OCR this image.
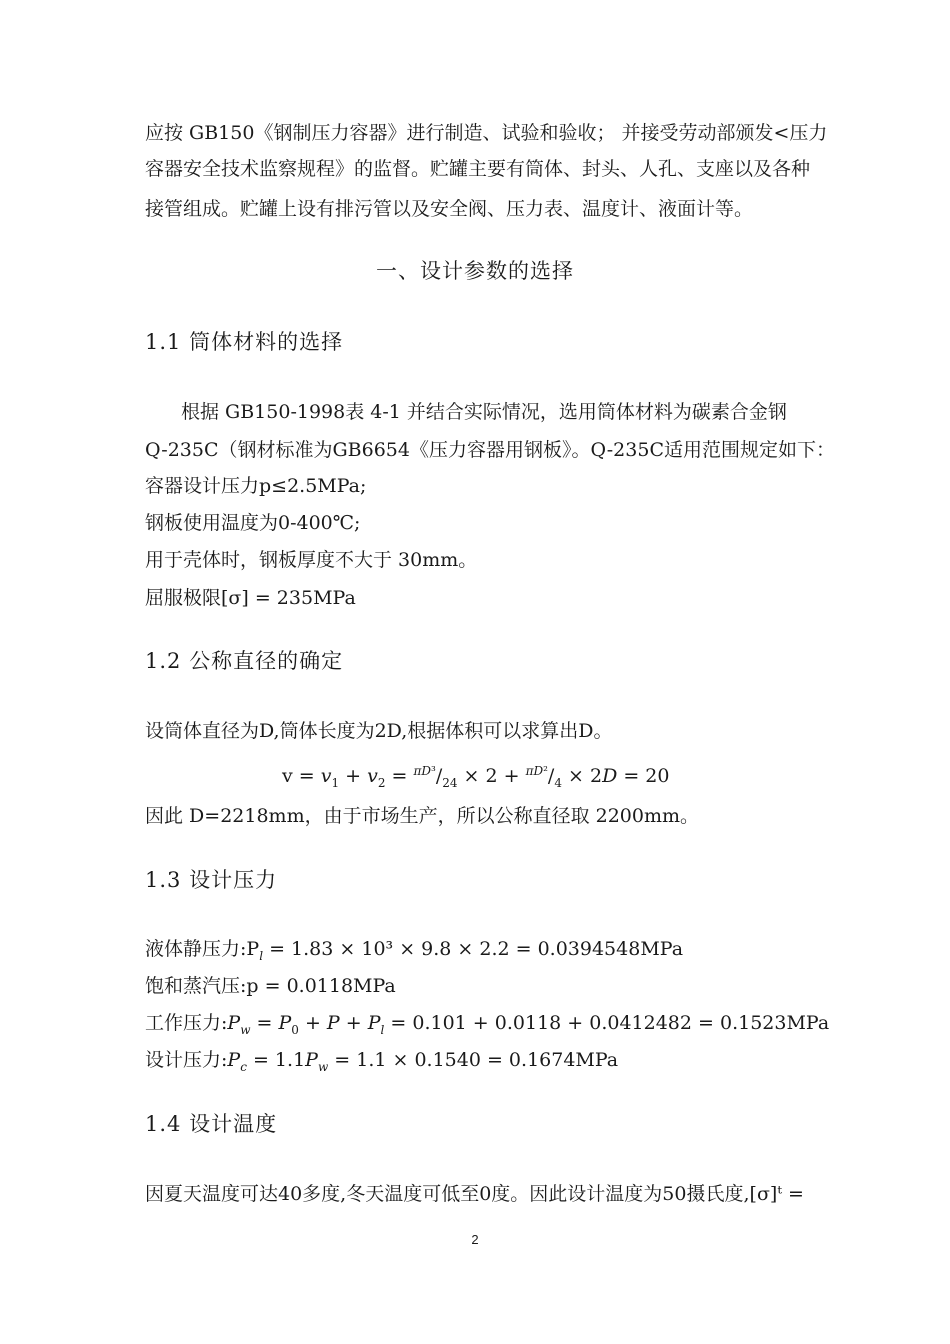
应按 GB150《钢制压力容器》进行制造、试验和验收； 并接受劳动部颁发<压力
容器安全技术监察规程》的监督。贮罐主要有筒体、封头、人孔、支座以及各种
接管组成。贮罐上设有排污管以及安全阀、压力表、温度计、液面计等。
一、设计参数的选择
1.1 筒体材料的选择
根据 GB150-1998表 4-1 并结合实际情况，选用筒体材料为碳素合金钢
Q-235C（钢材标准为GB6654《压力容器用钢板》。Q-235C适用范围规定如下：
容器设计压力p≤2.5MPa;
钢板使用温度为0-400℃;
用于壳体时，钢板厚度不大于 30mm。
屈服极限[σ] = 235MPa
1.2 公称直径的确定
设筒体直径为D,筒体长度为2D,根据体积可以求算出D。
$v = v_1 + v_2 = ^{\pi D^3}/_{24} \times 2 + ^{\pi D^2}/_4 \times 2D = 20$
因此 D=2218mm，由于市场生产，所以公称直径取 2200mm。
1.3 设计压力
液体静压力$:P_l = 1.83 \times 10^3 \times 9.8 \times 2.2 = 0.0394548MPa$
饱和蒸汽压:p = 0.0118MPa
工作压力$:P_w = P_0 + P + P_l = 0.101 + 0.0118 + 0.0412482 = 0.1523MPa$
设计压力$:P_c = 1.1P_w = 1.1 \times 0.1540 = 0.1674MPa$
1.4 设计温度
因夏天温度可达40多度,冬天温度可低至0度。因此设计温度为50摄氏度,[σ]ᵗ =
2
